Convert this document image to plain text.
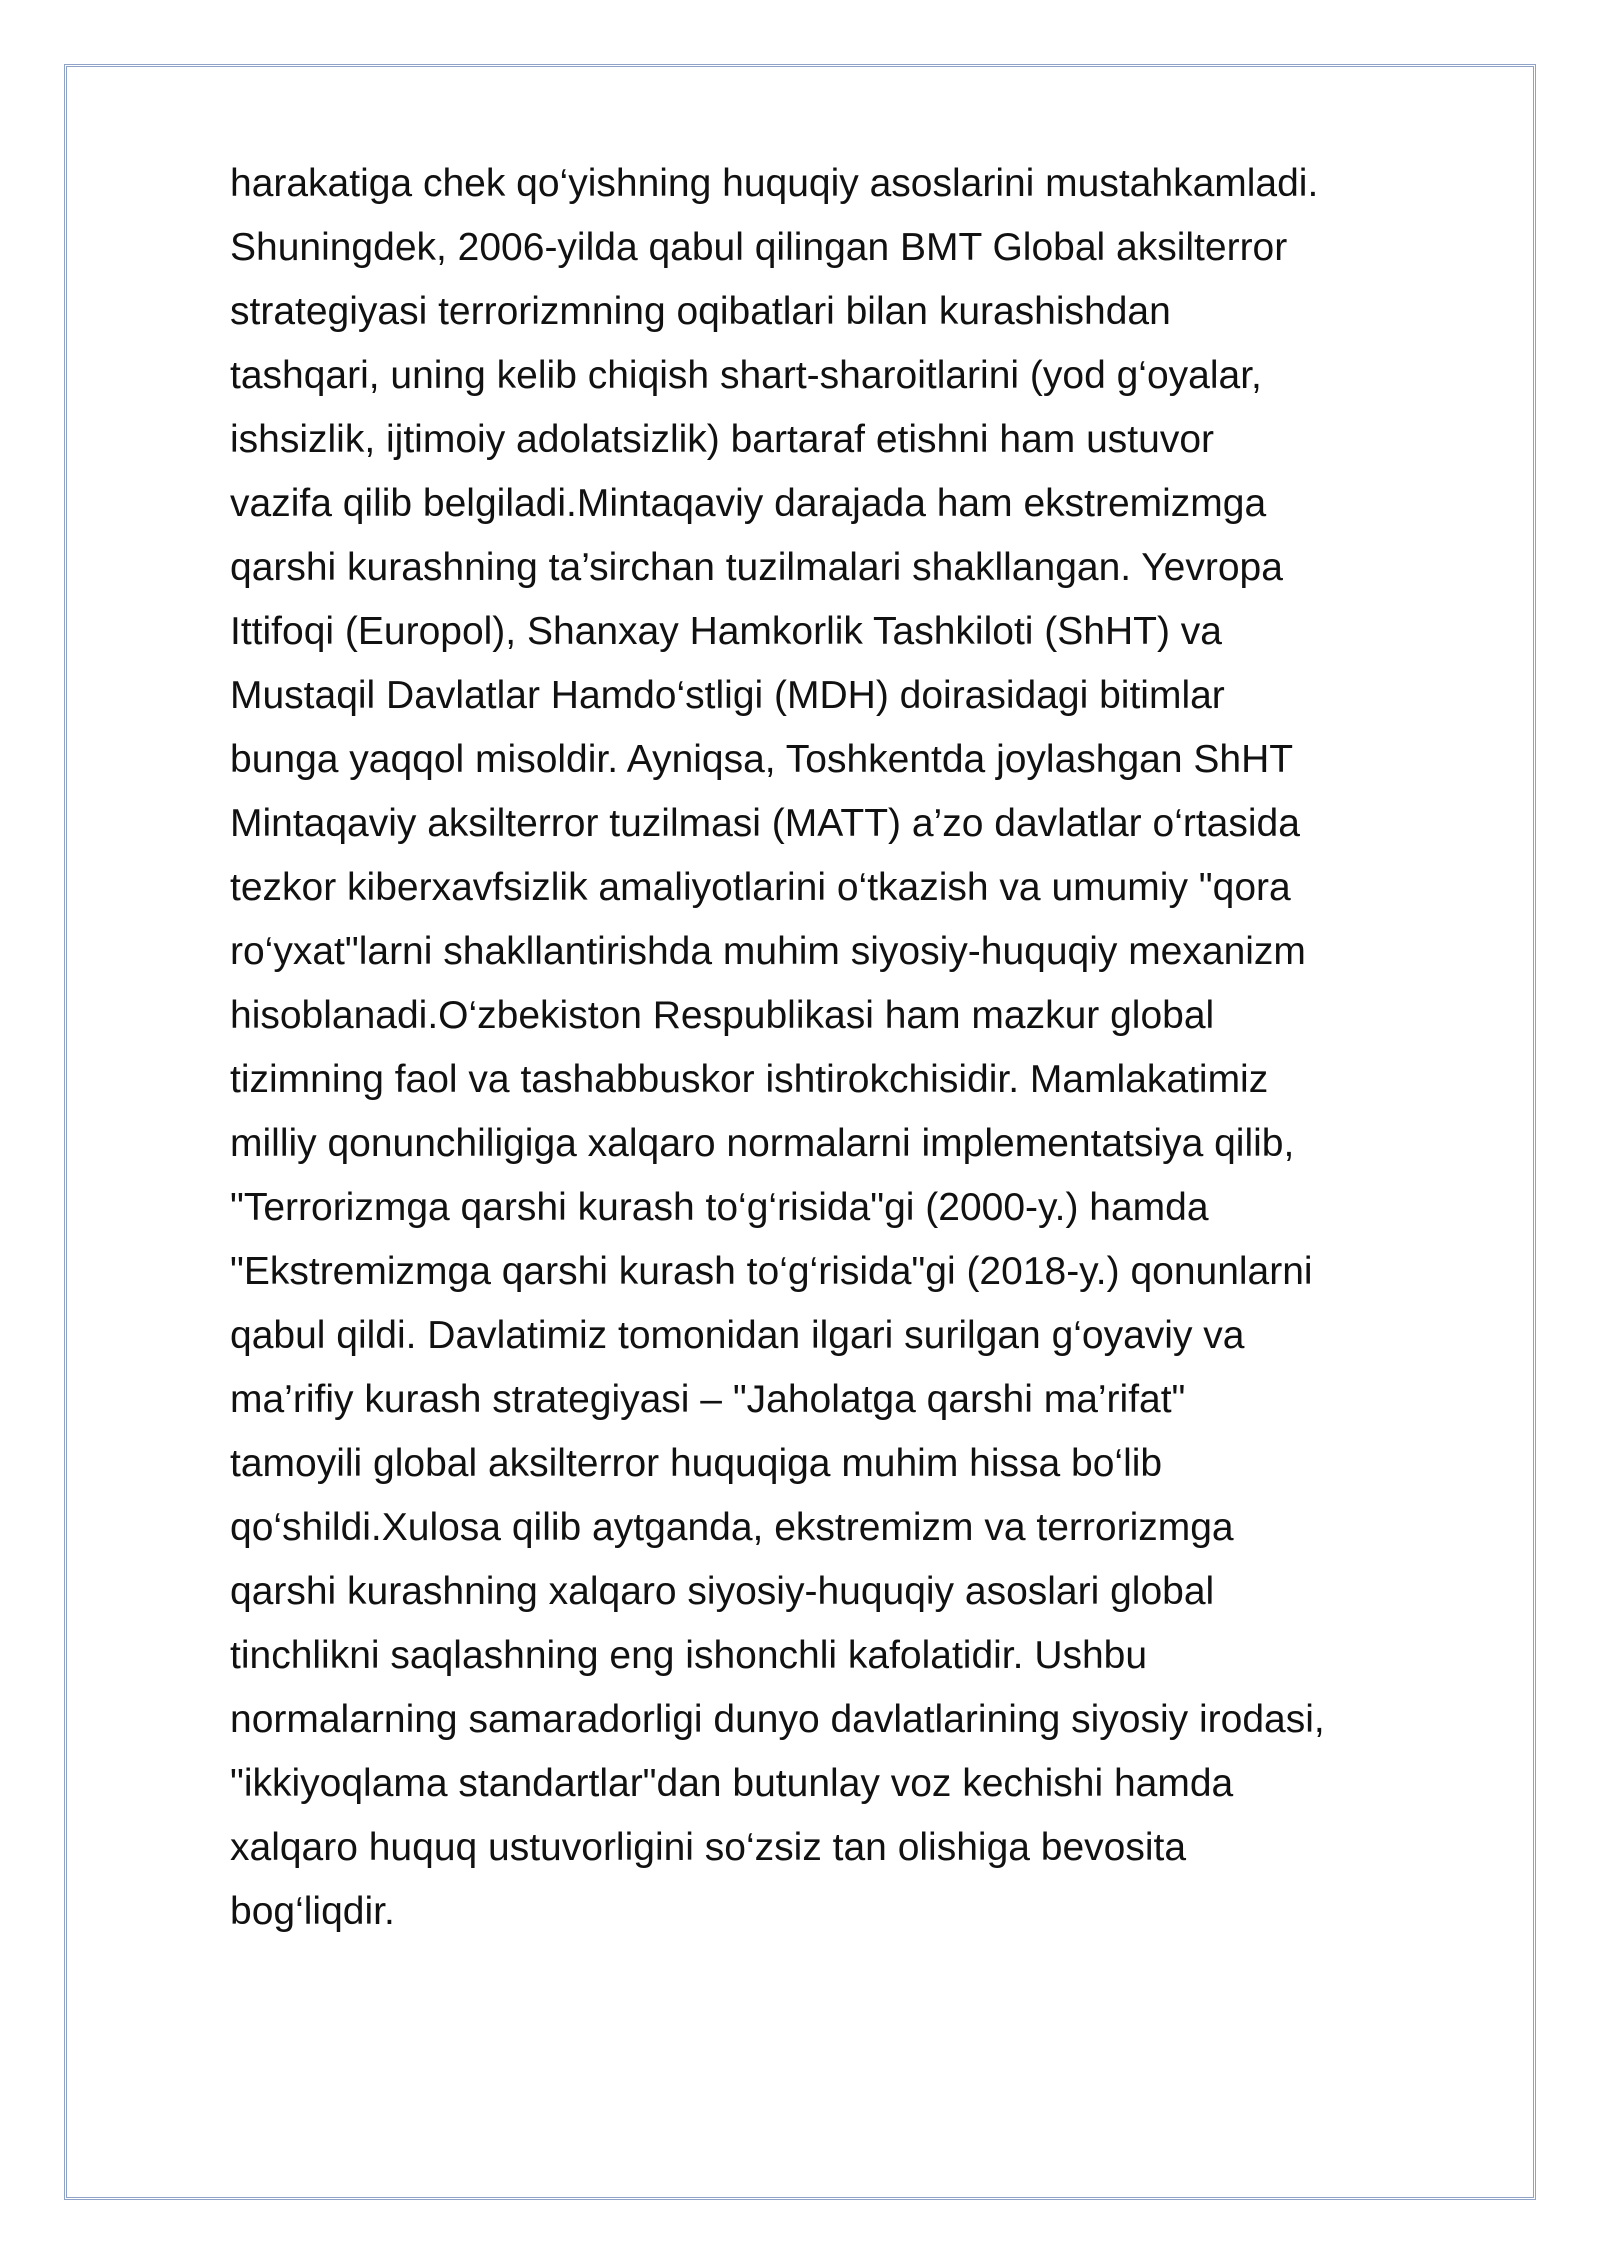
harakatiga chek qo‘yishning huquqiy asoslarini mustahkamladi.
Shuningdek, 2006-yilda qabul qilingan BMT Global aksilterror
strategiyasi terrorizmning oqibatlari bilan kurashishdan
tashqari, uning kelib chiqish shart-sharoitlarini (yod g‘oyalar,
ishsizlik, ijtimoiy adolatsizlik) bartaraf etishni ham ustuvor
vazifa qilib belgiladi.Mintaqaviy darajada ham ekstremizmga
qarshi kurashning ta’sirchan tuzilmalari shakllangan. Yevropa
Ittifoqi (Europol), Shanxay Hamkorlik Tashkiloti (ShHT) va
Mustaqil Davlatlar Hamdo‘stligi (MDH) doirasidagi bitimlar
bunga yaqqol misoldir. Ayniqsa, Toshkentda joylashgan ShHT
Mintaqaviy aksilterror tuzilmasi (MATT) a’zo davlatlar o‘rtasida
tezkor kiberxavfsizlik amaliyotlarini o‘tkazish va umumiy "qora
ro‘yxat"larni shakllantirishda muhim siyosiy-huquqiy mexanizm
hisoblanadi.O‘zbekiston Respublikasi ham mazkur global
tizimning faol va tashabbuskor ishtirokchisidir. Mamlakatimiz
milliy qonunchiligiga xalqaro normalarni implementatsiya qilib,
"Terrorizmga qarshi kurash to‘g‘risida"gi (2000-y.) hamda
"Ekstremizmga qarshi kurash to‘g‘risida"gi (2018-y.) qonunlarni
qabul qildi. Davlatimiz tomonidan ilgari surilgan g‘oyaviy va
ma’rifiy kurash strategiyasi – "Jaholatga qarshi ma’rifat"
tamoyili global aksilterror huquqiga muhim hissa bo‘lib
qo‘shildi.Xulosa qilib aytganda, ekstremizm va terrorizmga
qarshi kurashning xalqaro siyosiy-huquqiy asoslari global
tinchlikni saqlashning eng ishonchli kafolatidir. Ushbu
normalarning samaradorligi dunyo davlatlarining siyosiy irodasi,
"ikkiyoqlama standartlar"dan butunlay voz kechishi hamda
xalqaro huquq ustuvorligini so‘zsiz tan olishiga bevosita
bog‘liqdir.
